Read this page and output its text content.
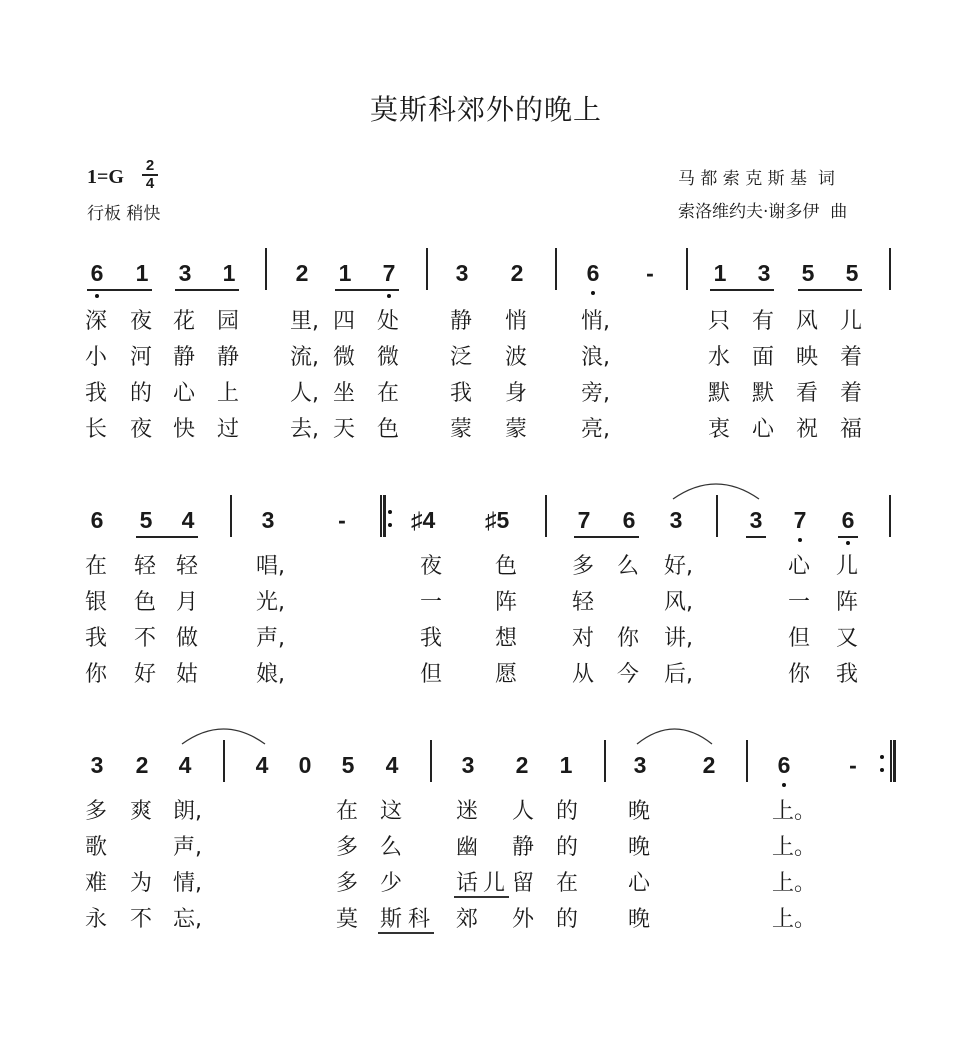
莫斯科郊外的晚上
1=G
2
4
行板 稍快
马 都 索 克 斯 基  词
索洛维约夫·谢多伊  曲
6 1 3 1	2 1 7	3 2	6	-	1 3 5 5
深 夜 花 园 里, 四 处 静 悄 悄,	只 有 风 儿
小 河 静 静 流, 微 微 泛 波 浪,	水 面 映 着
我 的 心 上 人, 坐 在 我 身 旁,	默 默 看 着
长 夜 快 过 去, 天 色 蒙 蒙 亮,	衷 心 祝 福
6 5 4	3	-	♯4 ♯5	7 6 3	3 7 6
在 轻 轻	唱,	夜 色 多 么 好,	心 儿
银 色 月	光,	一 阵 轻	风,	一 阵
我 不 做	声,	我 想 对 你 讲,	但 又
你 好 姑	娘,	但 愿 从 今 后,	你 我
3 2 4	4 0 5 4	3 2 1	3 2	6	-
多 爽 朗,	在 这 迷 人 的 晚	上。
歌	声,	多 么 幽 静 的 晚	上。
难 为 情,	多 少 话 儿 留 在 心	上。
永 不 忘,	莫 斯 科 郊 外 的 晚	上。
